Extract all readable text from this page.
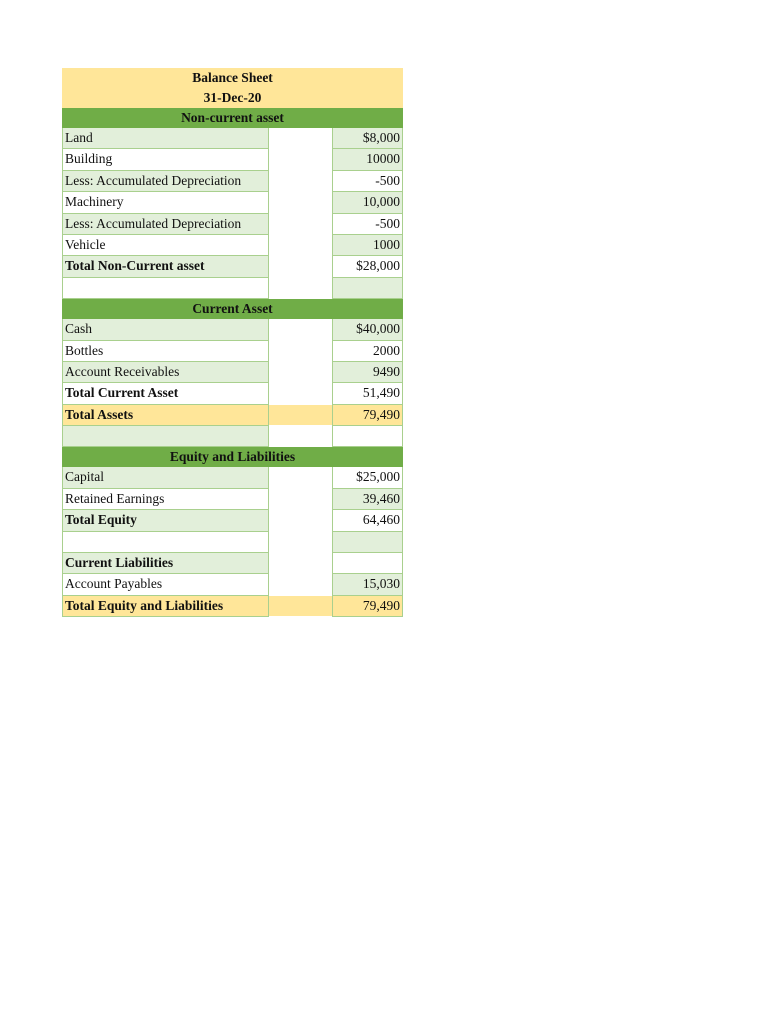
Balance Sheet
31-Dec-20
Non-current asset
Land	$8,000
Building	10000
Less: Accumulated Depreciation	-500
Machinery	10,000
Less: Accumulated Depreciation	-500
Vehicle	1000
Total Non-Current asset	$28,000
Current Asset
Cash	$40,000
Bottles	2000
Account Receivables	9490
Total Current Asset	51,490
Total Assets	79,490
Equity and Liabilities
Capital	$25,000
Retained Earnings	39,460
Total Equity	64,460
Current Liabilities
Account Payables	15,030
Total Equity and Liabilities	79,490
